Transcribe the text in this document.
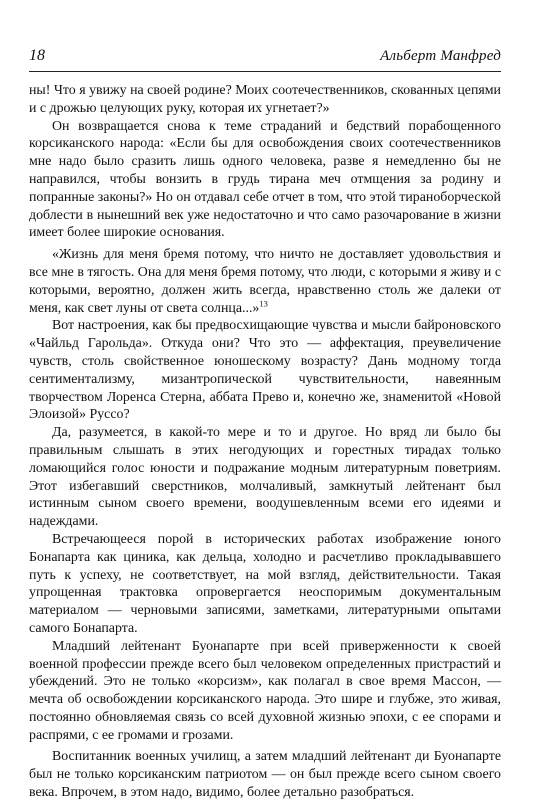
18	Альберт Манфред

ны! Что я увижу на своей родине? Моих соотечественников, скованных цепями и с дрожью целующих руку, которая их угнетает?»

Он возвращается снова к теме страданий и бедствий порабощенного корсиканского народа: «Если бы для освобождения своих соотечественников мне надо было сразить лишь одного человека, разве я немедленно бы не направился, чтобы вонзить в грудь тирана меч отмщения за родину и попранные законы?» Но он отдавал себе отчет в том, что этой тираноборческой доблести в нынешний век уже недостаточно и что само разочарование в жизни имеет более широкие основания.

«Жизнь для меня бремя потому, что ничто не доставляет удовольствия и все мне в тягость. Она для меня бремя потому, что люди, с которыми я живу и с которыми, вероятно, должен жить всегда, нравственно столь же далеки от меня, как свет луны от света солнца...»$^{13}$

Вот настроения, как бы предвосхищающие чувства и мысли байроновского «Чайльд Гарольда». Откуда они? Что это — аффектация, преувеличение чувств, столь свойственное юношескому возрасту? Дань модному тогда сентиментализму, мизантропической чувствительности, навеянным творчеством Лоренса Стерна, аббата Прево и, конечно же, знаменитой «Новой Элоизой» Руссо?

Да, разумеется, в какой-то мере и то и другое. Но вряд ли было бы правильным слышать в этих негодующих и горестных тирадах только ломающийся голос юности и подражание модным литературным поветриям. Этот избегавший сверстников, молчаливый, замкнутый лейтенант был истинным сыном своего времени, воодушевленным всеми его идеями и надеждами.

Встречающееся порой в исторических работах изображение юного Бонапарта как циника, как дельца, холодно и расчетливо прокладывавшего путь к успеху, не соответствует, на мой взгляд, действительности. Такая упрощенная трактовка опровергается неоспоримым документальным материалом — черновыми записями, заметками, литературными опытами самого Бонапарта.

Младший лейтенант Буонапарте при всей приверженности к своей военной профессии прежде всего был человеком определенных пристрастий и убеждений. Это не только «корсизм», как полагал в свое время Массон, — мечта об освобождении корсиканского народа. Это шире и глубже, это живая, постоянно обновляемая связь со всей духовной жизнью эпохи, с ее спорами и распрями, с ее громами и грозами.

Воспитанник военных училищ, а затем младший лейтенант ди Буонапарте был не только корсиканским патриотом — он был прежде всего сыном своего века. Впрочем, в этом надо, видимо, более детально разобраться.
